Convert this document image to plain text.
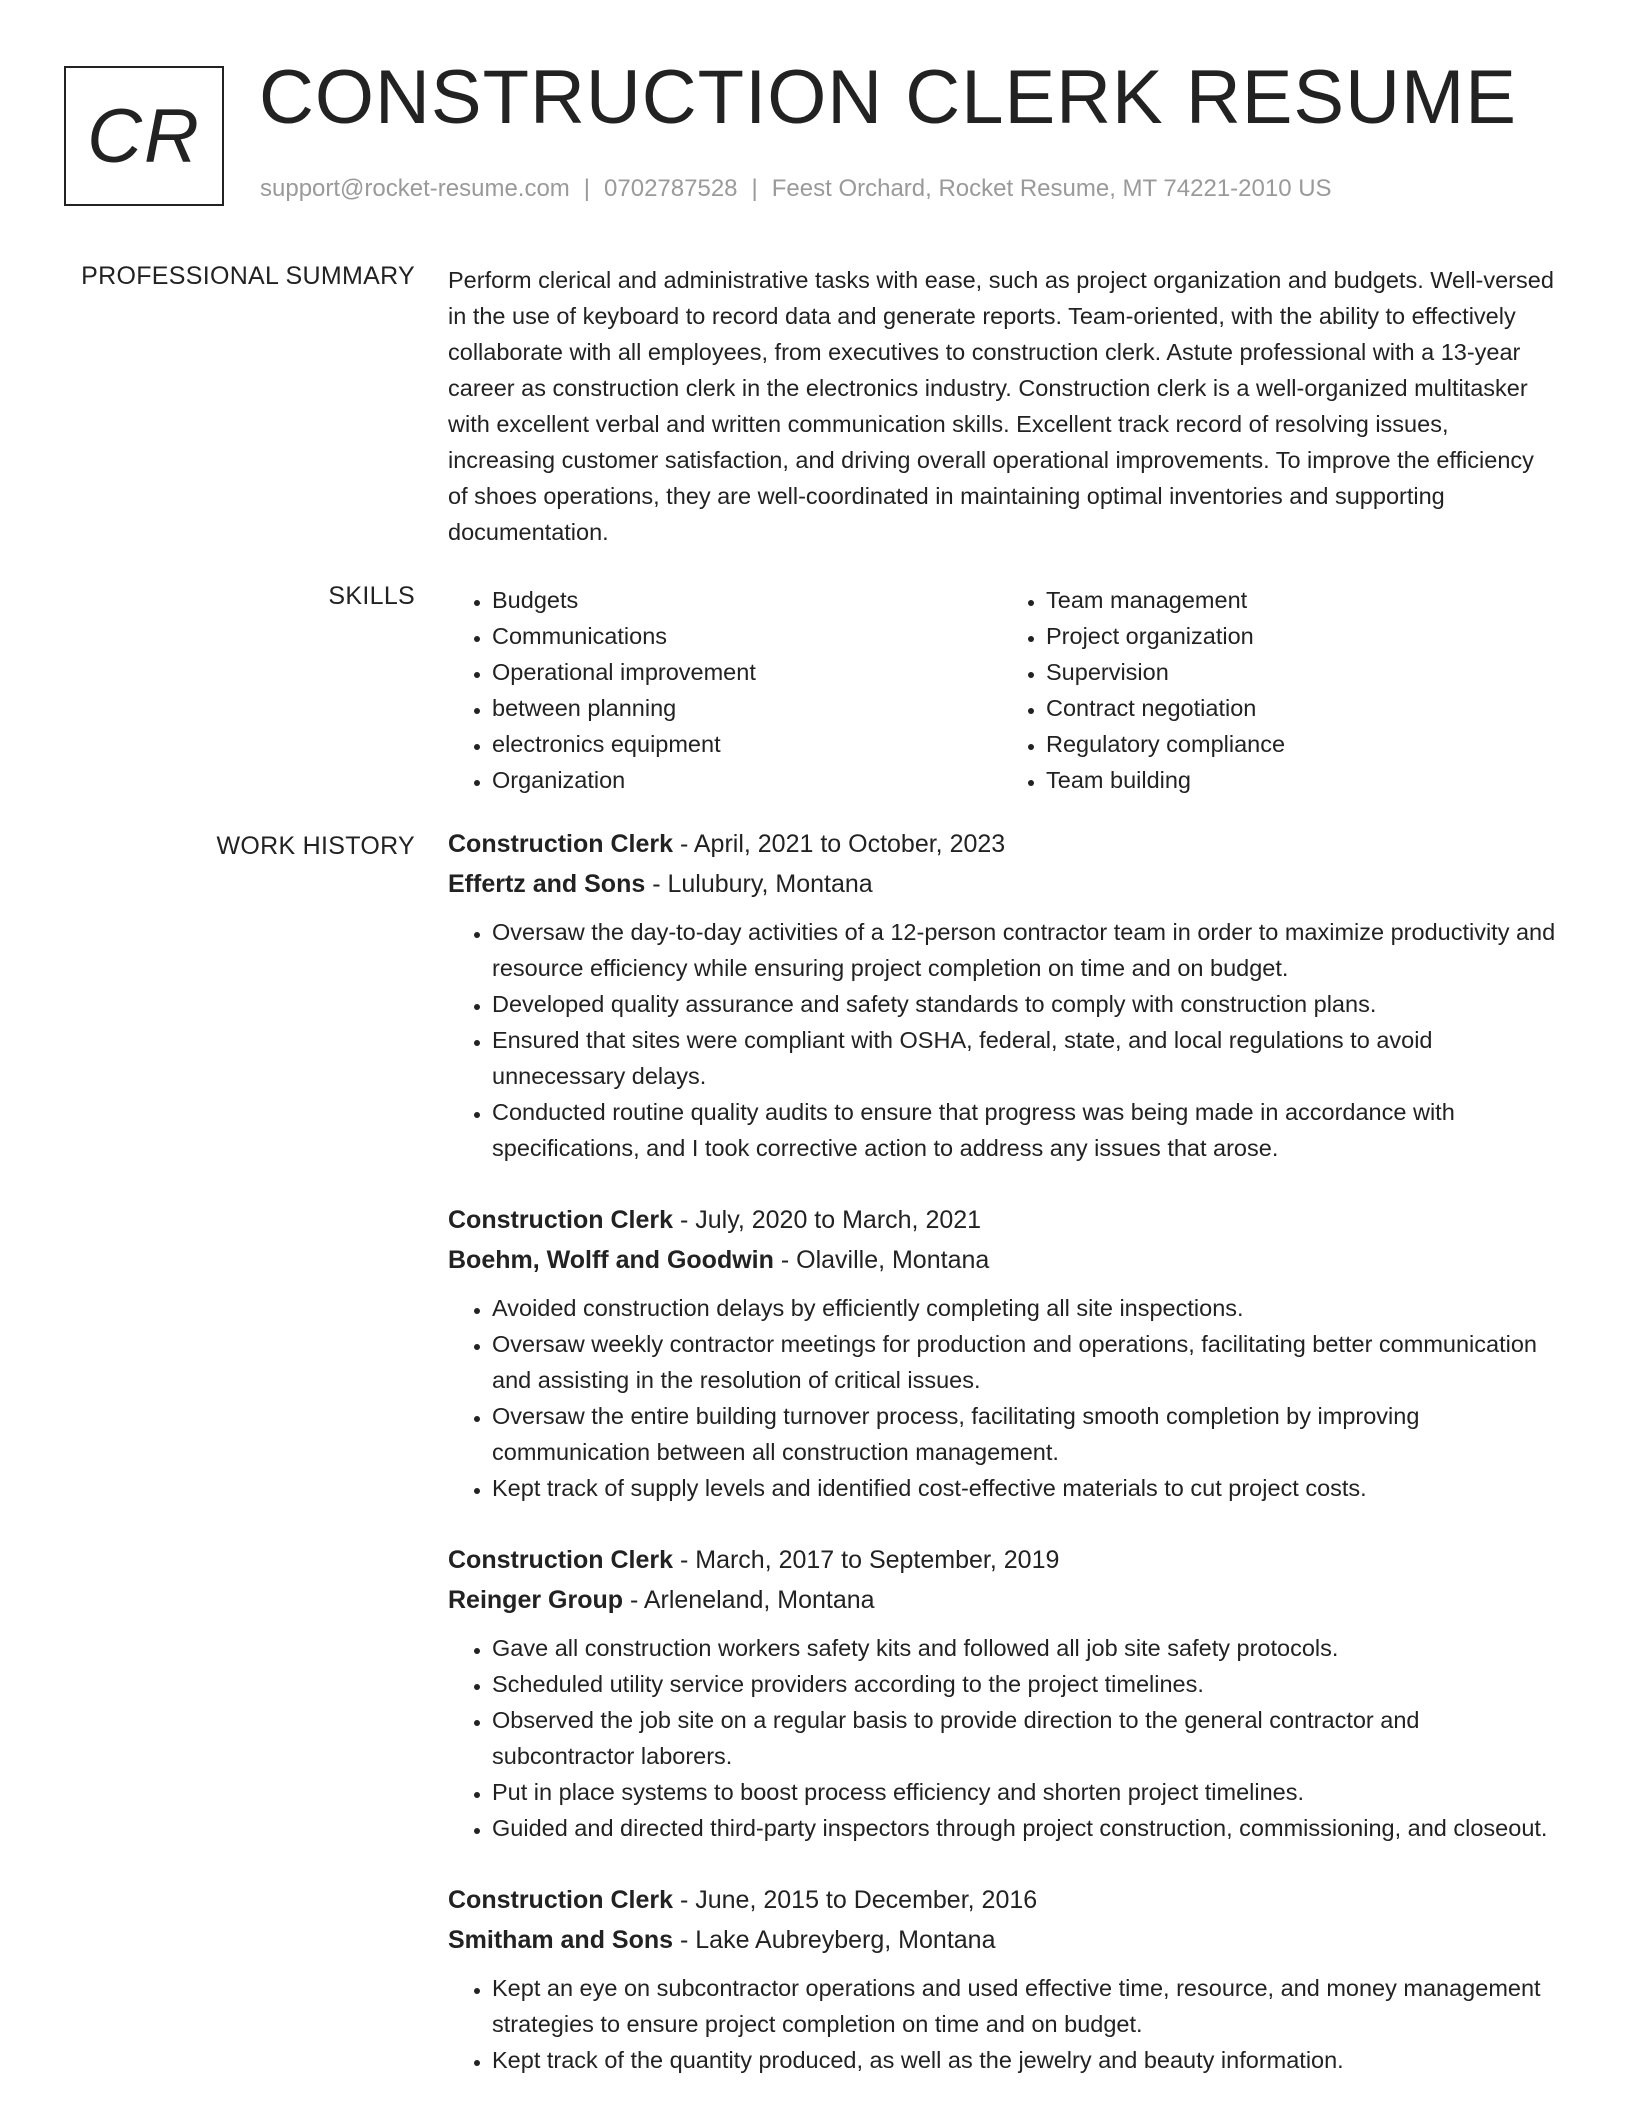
CR CONSTRUCTION CLERK RESUME
support@rocket-resume.com | 0702787528 | Feest Orchard, Rocket Resume, MT 74221-2010 US
PROFESSIONAL SUMMARY Perform clerical and administrative tasks with ease, such as project organization and budgets. Well-versed in the use of keyboard to record data and generate reports. Team-oriented, with the ability to effectively collaborate with all employees, from executives to construction clerk. Astute professional with a 13-year career as construction clerk in the electronics industry. Construction clerk is a well-organized multitasker with excellent verbal and written communication skills. Excellent track record of resolving issues, increasing customer satisfaction, and driving overall operational improvements. To improve the efficiency of shoes operations, they are well-coordinated in maintaining optimal inventories and supporting documentation.

SKILLS
•	Budgets
• Communications
• Operational improvement
• between planning
• electronics equipment
• Organization
• Team management
• Project organization
• Supervision
• Contract negotiation
• Regulatory compliance
• Team building
WORK HISTORY Construction Clerk - April, 2021 to October, 2023
Effertz and Sons - Lulubury, Montana
• Oversaw the day-to-day activities of a 12-person contractor team in order to maximize productivity and resource efficiency while ensuring project completion on time and on budget.
• Developed quality assurance and safety standards to comply with construction plans.
• Ensured that sites were compliant with OSHA, federal, state, and local regulations to avoid unnecessary delays.
• Conducted routine quality audits to ensure that progress was being made in accordance with specifications, and I took corrective action to address any issues that arose.
Construction Clerk - July, 2020 to March, 2021
Boehm, Wolff and Goodwin - Olaville, Montana
• Avoided construction delays by efficiently completing all site inspections.
• Oversaw weekly contractor meetings for production and operations, facilitating better communication and assisting in the resolution of critical issues.
• Oversaw the entire building turnover process, facilitating smooth completion by improving communication between all construction management.
• Kept track of supply levels and identified cost-effective materials to cut project costs.
Construction Clerk - March, 2017 to September, 2019
Reinger Group - Arleneland, Montana
• Gave all construction workers safety kits and followed all job site safety protocols.
• Scheduled utility service providers according to the project timelines.
• Observed the job site on a regular basis to provide direction to the general contractor and subcontractor laborers.
• Put in place systems to boost process efficiency and shorten project timelines.
• Guided and directed third-party inspectors through project construction, commissioning, and closeout.
Construction Clerk - June, 2015 to December, 2016
Smitham and Sons - Lake Aubreyberg, Montana
• Kept an eye on subcontractor operations and used effective time, resource, and money management strategies to ensure project completion on time and on budget.
• Kept track of the quantity produced, as well as the jewelry and beauty information.
